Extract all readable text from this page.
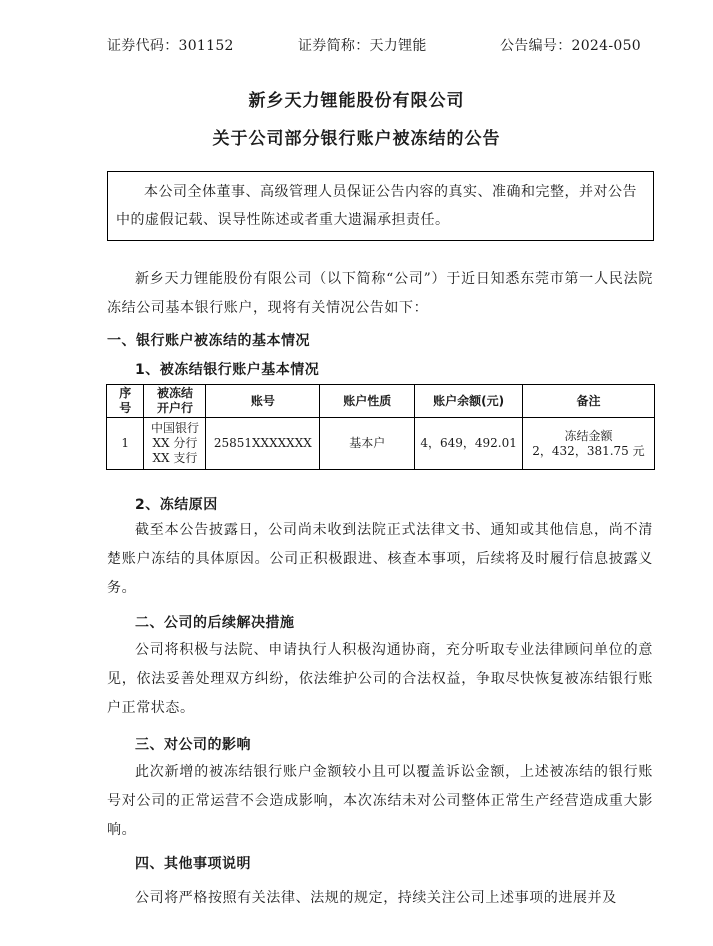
证券代码：301152	证券简称：天力锂能	公告编号：2024-050
新乡天力锂能股份有限公司
关于公司部分银行账户被冻结的公告
本公司全体董事、高级管理人员保证公告内容的真实、准确和完整，并对公告中的虚假记载、误导性陈述或者重大遗漏承担责任。
新乡天力锂能股份有限公司（以下简称“公司”）于近日知悉东莞市第一人民法院冻结公司基本银行账户，现将有关情况公告如下：
一、银行账户被冻结的基本情况
1、被冻结银行账户基本情况
序
号	被冻结
开户行	账号	账户性质	账户余额(元)	备注
1	中国银行
XX 分行
XX 支行	25851XXXXXXX	基本户	4，649，492.01	冻结金额
2，432，381.75 元
2、冻结原因
截至本公告披露日，公司尚未收到法院正式法律文书、通知或其他信息，尚不清楚账户冻结的具体原因。公司正积极跟进、核查本事项，后续将及时履行信息披露义务。
二、公司的后续解决措施
公司将积极与法院、申请执行人积极沟通协商，充分听取专业法律顾问单位的意见，依法妥善处理双方纠纷，依法维护公司的合法权益，争取尽快恢复被冻结银行账户正常状态。
三、对公司的影响
此次新增的被冻结银行账户金额较小且可以覆盖诉讼金额，上述被冻结的银行账号对公司的正常运营不会造成影响，本次冻结未对公司整体正常生产经营造成重大影响。
四、其他事项说明
公司将严格按照有关法律、法规的规定，持续关注公司上述事项的进展并及
